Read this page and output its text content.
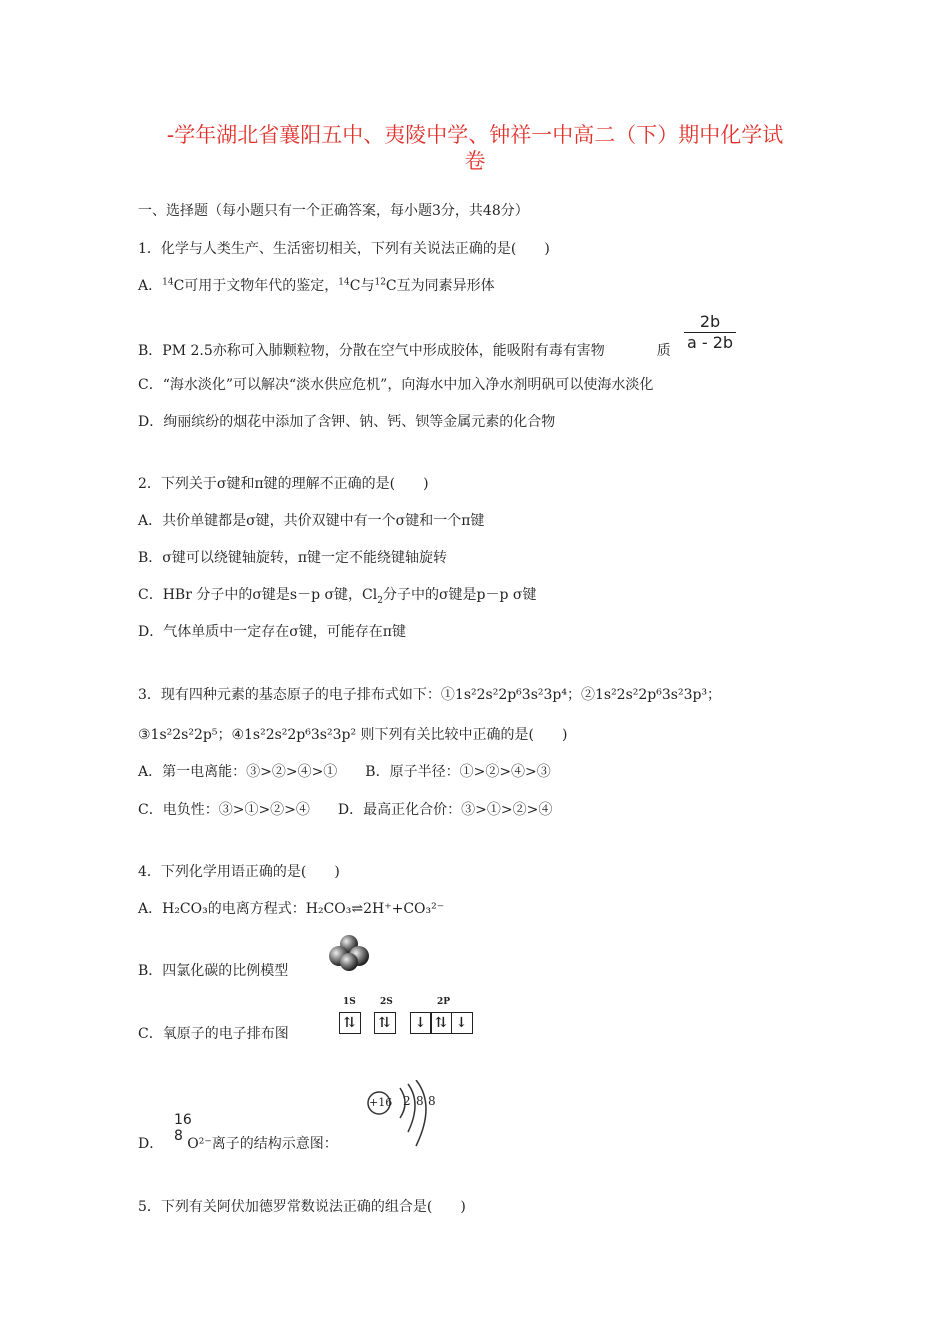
-学年湖北省襄阳五中、夷陵中学、钟祥一中高二（下）期中化学试
卷
一、选择题（每小题只有一个正确答案，每小题3分，共48分）
1．化学与人类生产、生活密切相关，下列有关说法正确的是(　　)
A．$^{14}$C可用于文物年代的鉴定，$^{14}$C与$^{12}$C互为同素异形体
$\frac{2b}{a - 2b}$
B．PM 2.5亦称可入肺颗粒物，分散在空气中形成胶体，能吸附有毒有害物	质
C．“海水淡化”可以解决“淡水供应危机”，向海水中加入净水剂明矾可以使海水淡化
D．绚丽缤纷的烟花中添加了含钾、钠、钙、钡等金属元素的化合物
2．下列关于σ键和π键的理解不正确的是(　　)
A．共价单键都是σ键，共价双键中有一个σ键和一个π键
B．σ键可以绕键轴旋转，π键一定不能绕键轴旋转
C．HBr 分子中的σ键是s－p σ键，$Cl_2$分子中的σ键是p－p σ键
D．气体单质中一定存在σ键，可能存在π键
3．现有四种元素的基态原子的电子排布式如下：①1s²2s²2p⁶3s²3p⁴；②1s²2s²2p⁶3s²3p³；
③1s²2s²2p⁵；④1s²2s²2p⁶3s²3p² 则下列有关比较中正确的是(　　)
A．第一电离能：③>②>④>①　　B．原子半径：①>②>④>③
C．电负性：③>①>②>④　　D．最高正化合价：③>①>②>④
4．下列化学用语正确的是(　　)
A．H₂CO₃的电离方程式：H₂CO₃⇌2H⁺+CO₃²⁻
B．四氯化碳的比例模型
1S	2S	2P
⇅	⇅	↓ ⇅ ↓
C．氧原子的电子排布图
+16 2 8 8
16
8
D． O²⁻离子的结构示意图：
5．下列有关阿伏加德罗常数说法正确的组合是(　　)
